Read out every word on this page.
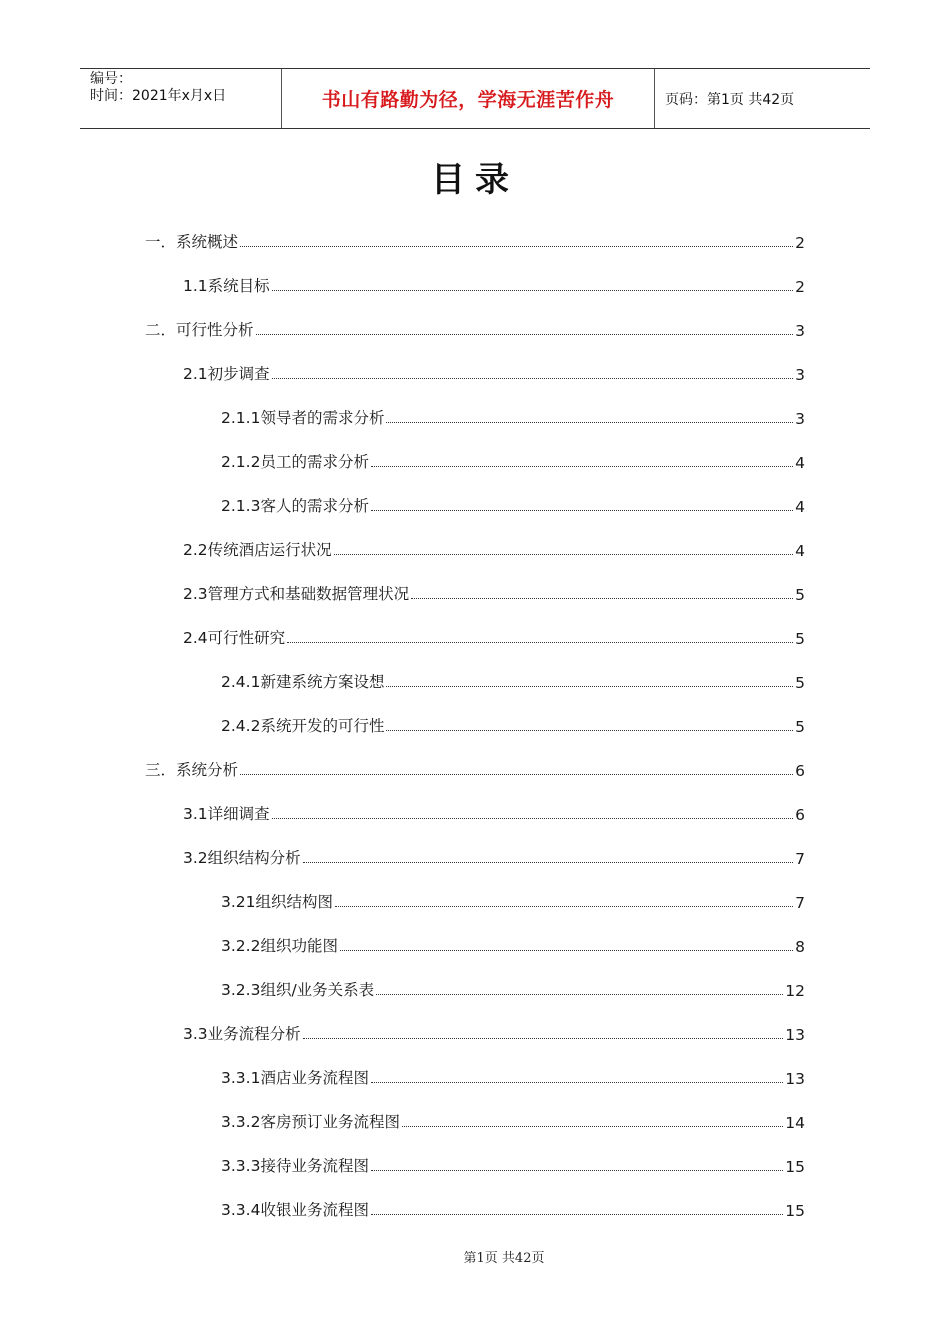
编号：
时间：2021年x月x日	书山有路勤为径，学海无涯苦作舟	页码：第1页 共42页
目录
一．系统概述	2
1.1系统目标	2
二．可行性分析	3
2.1初步调查	3
2.1.1领导者的需求分析	3
2.1.2员工的需求分析	4
2.1.3客人的需求分析	4
2.2传统酒店运行状况	4
2.3管理方式和基础数据管理状况	5
2.4可行性研究	5
2.4.1新建系统方案设想	5
2.4.2系统开发的可行性	5
三．系统分析	6
3.1详细调查	6
3.2组织结构分析	7
3.21组织结构图	7
3.2.2组织功能图	8
3.2.3组织/业务关系表	12
3.3业务流程分析	13
3.3.1酒店业务流程图	13
3.3.2客房预订业务流程图	14
3.3.3接待业务流程图	15
3.3.4收银业务流程图	15
第1页 共42页
